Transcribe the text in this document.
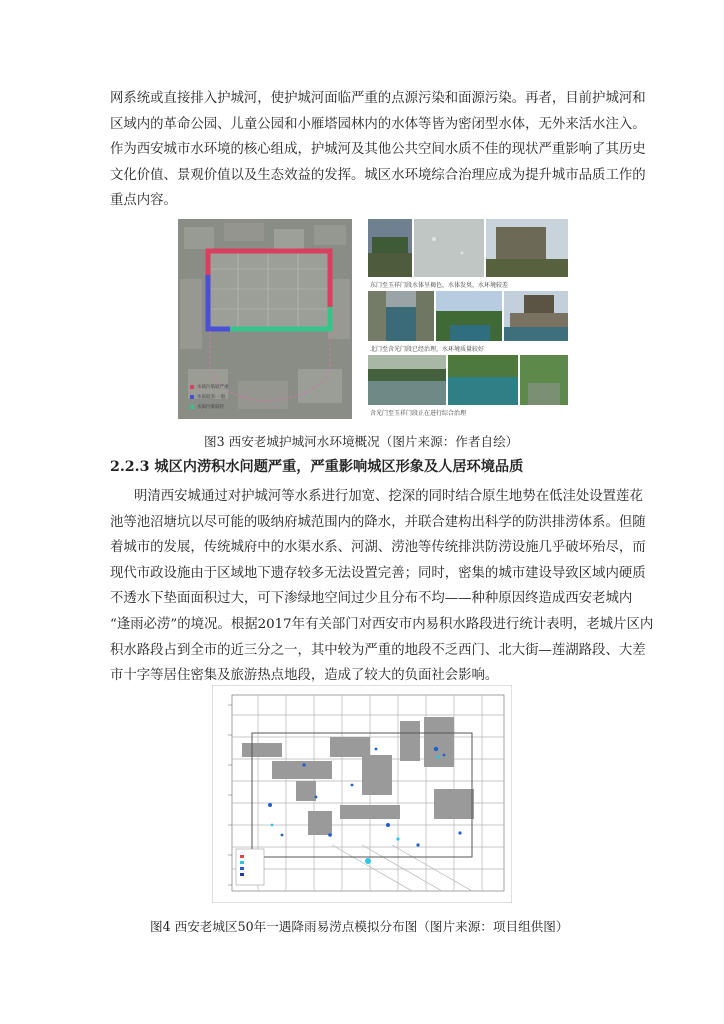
网系统或直接排入护城河，使护城河面临严重的点源污染和面源污染。再者，目前护城河和
区域内的革命公园、儿童公园和小雁塔园林内的水体等皆为密闭型水体，无外来活水注入。
作为西安城市水环境的核心组成，护城河及其他公共空间水质不佳的现状严重影响了其历史
文化价值、景观价值以及生态效益的发挥。城区水环境综合治理应成为提升城市品质工作的
重点内容。
水质污染较严重
水质较差·一般
水质污染较轻
东门至玉祥门段水体呈褐色，水体发臭，水环境较差
北门至含光门段已经治理，水环境质量较好
含光门至玉祥门段正在进行综合治理
图3 西安老城护城河水环境概况（图片来源：作者自绘）
2.2.3 城区内涝积水问题严重，严重影响城区形象及人居环境品质
明清西安城通过对护城河等水系进行加宽、挖深的同时结合原生地势在低洼处设置莲花
池等池沼塘坑以尽可能的吸纳府城范围内的降水，并联合建构出科学的防洪排涝体系。但随
着城市的发展，传统城府中的水渠水系、河湖、涝池等传统排洪防涝设施几乎破坏殆尽，而
现代市政设施由于区域地下遗存较多无法设置完善；同时，密集的城市建设导致区域内硬质
不透水下垫面面积过大，可下渗绿地空间过少且分布不均——种种原因终造成西安老城内
“逢雨必涝”的境况。根据2017年有关部门对西安市内易积水路段进行统计表明，老城片区内
积水路段占到全市的近三分之一，其中较为严重的地段不乏西门、北大街—莲湖路段、大差
市十字等居住密集及旅游热点地段，造成了较大的负面社会影响。
图4 西安老城区50年一遇降雨易涝点模拟分布图（图片来源：项目组供图）
